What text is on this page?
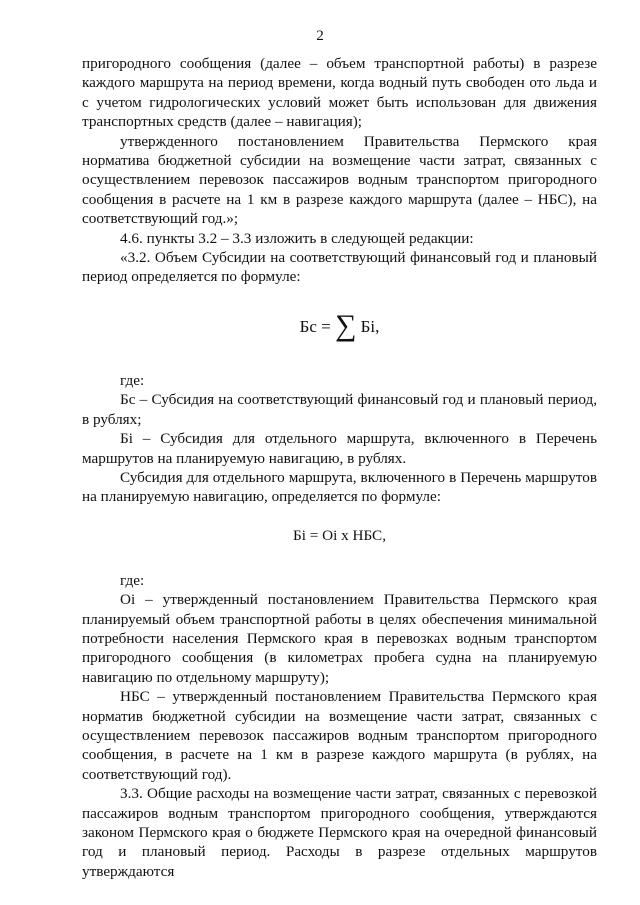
2

пригородного сообщения (далее – объем транспортной работы) в разрезе каждого маршрута на период времени, когда водный путь свободен ото льда и с учетом гидрологических условий может быть использован для движения транспортных средств (далее – навигация);

утвержденного постановлением Правительства Пермского края норматива бюджетной субсидии на возмещение части затрат, связанных с осуществлением перевозок пассажиров водным транспортом пригородного сообщения в расчете на 1 км в разрезе каждого маршрута (далее – НБС), на соответствующий год.»;

4.6. пункты 3.2 – 3.3 изложить в следующей редакции:

«3.2. Объем Субсидии на соответствующий финансовый год и плановый период определяется по формуле:

Бс = ∑ Бi,

где:

Бс – Субсидия на соответствующий финансовый год и плановый период, в рублях;

Бi – Субсидия для отдельного маршрута, включенного в Перечень маршрутов на планируемую навигацию, в рублях.

Субсидия для отдельного маршрута, включенного в Перечень маршрутов на планируемую навигацию, определяется по формуле:

Бi = Оi х НБС,

где:

Оi – утвержденный постановлением Правительства Пермского края планируемый объем транспортной работы в целях обеспечения минимальной потребности населения Пермского края в перевозках водным транспортом пригородного сообщения (в километрах пробега судна на планируемую навигацию по отдельному маршруту);

НБС – утвержденный постановлением Правительства Пермского края норматив бюджетной субсидии на возмещение части затрат, связанных с осуществлением перевозок пассажиров водным транспортом пригородного сообщения, в расчете на 1 км в разрезе каждого маршрута (в рублях, на соответствующий год).

3.3. Общие расходы на возмещение части затрат, связанных с перевозкой пассажиров водным транспортом пригородного сообщения, утверждаются законом Пермского края о бюджете Пермского края на очередной финансовый год и плановый период. Расходы в разрезе отдельных маршрутов утверждаются
